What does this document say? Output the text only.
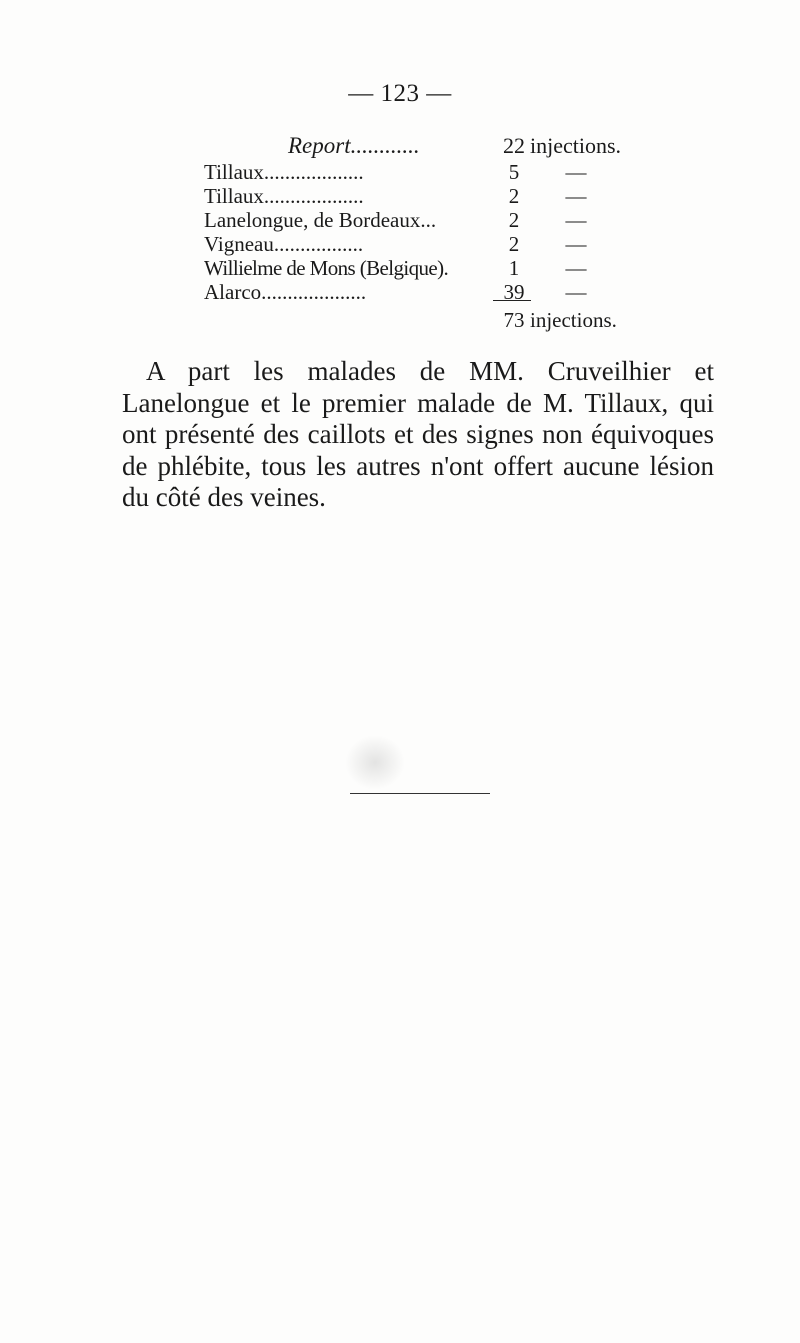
— 123 —
Report............	22 injections.
Tillaux...................	5	—
Tillaux...................	2	—
Lanelongue, de Bordeaux...	2	—
Vigneau.................	2	—
Willielme de Mons (Belgique).	1	—
Alarco....................	39	—
73 injections.
A part les malades de MM. Cruveilhier et Lanelongue et le premier malade de M. Tillaux, qui ont présenté des caillots et des signes non équivoques de phlébite, tous les autres n'ont offert aucune lésion du côté des veines.
